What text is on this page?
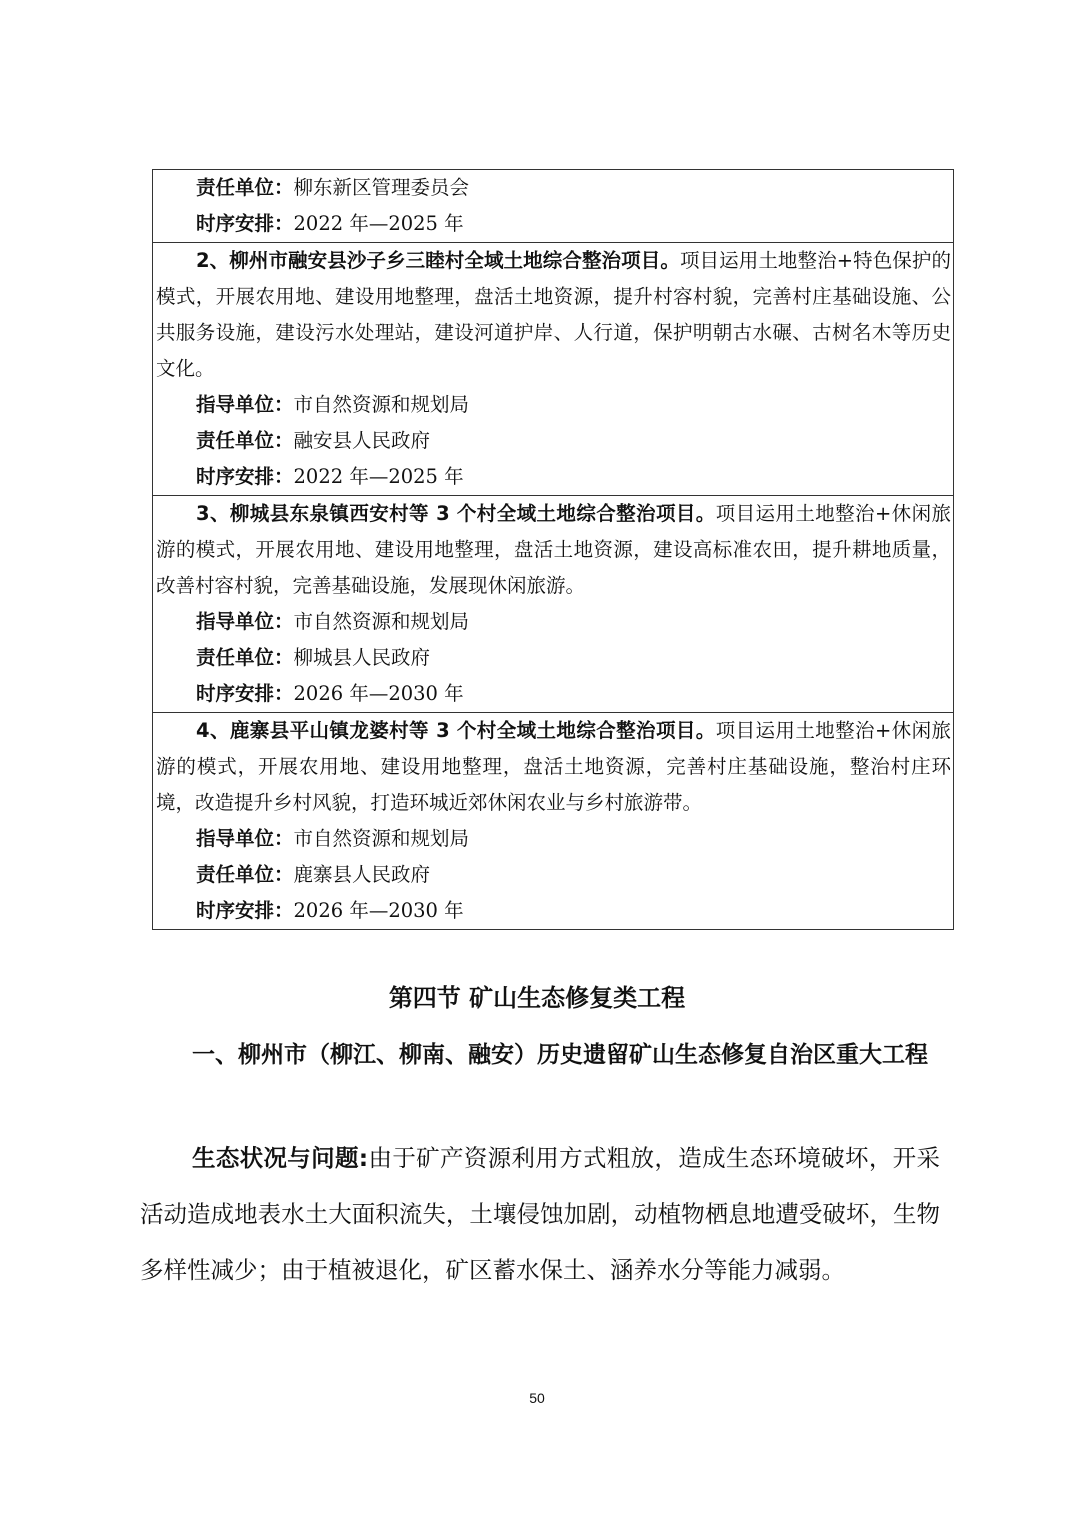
责任单位：柳东新区管理委员会

时序安排：2022 年—2025 年

2、柳州市融安县沙子乡三睦村全域土地综合整治项目。项目运用土地整治+特色保护的模式，开展农用地、建设用地整理，盘活土地资源，提升村容村貌，完善村庄基础设施、公共服务设施，建设污水处理站，建设河道护岸、人行道，保护明朝古水碾、古树名木等历史文化。

指导单位：市自然资源和规划局

责任单位：融安县人民政府

时序安排：2022 年—2025 年

3、柳城县东泉镇西安村等 3 个村全域土地综合整治项目。项目运用土地整治+休闲旅游的模式，开展农用地、建设用地整理，盘活土地资源，建设高标准农田，提升耕地质量，改善村容村貌，完善基础设施，发展现休闲旅游。

指导单位：市自然资源和规划局

责任单位：柳城县人民政府

时序安排：2026 年—2030 年

4、鹿寨县平山镇龙婆村等 3 个村全域土地综合整治项目。项目运用土地整治+休闲旅游的模式，开展农用地、建设用地整理，盘活土地资源，完善村庄基础设施，整治村庄环境，改造提升乡村风貌，打造环城近郊休闲农业与乡村旅游带。

指导单位：市自然资源和规划局

责任单位：鹿寨县人民政府

时序安排：2026 年—2030 年

第四节 矿山生态修复类工程
一、柳州市（柳江、柳南、融安）历史遗留矿山生态修复自治区重大工程

生态状况与问题:由于矿产资源利用方式粗放，造成生态环境破坏，开采活动造成地表水土大面积流失，土壤侵蚀加剧，动植物栖息地遭受破坏，生物多样性减少；由于植被退化，矿区蓄水保土、涵养水分等能力减弱。

50
